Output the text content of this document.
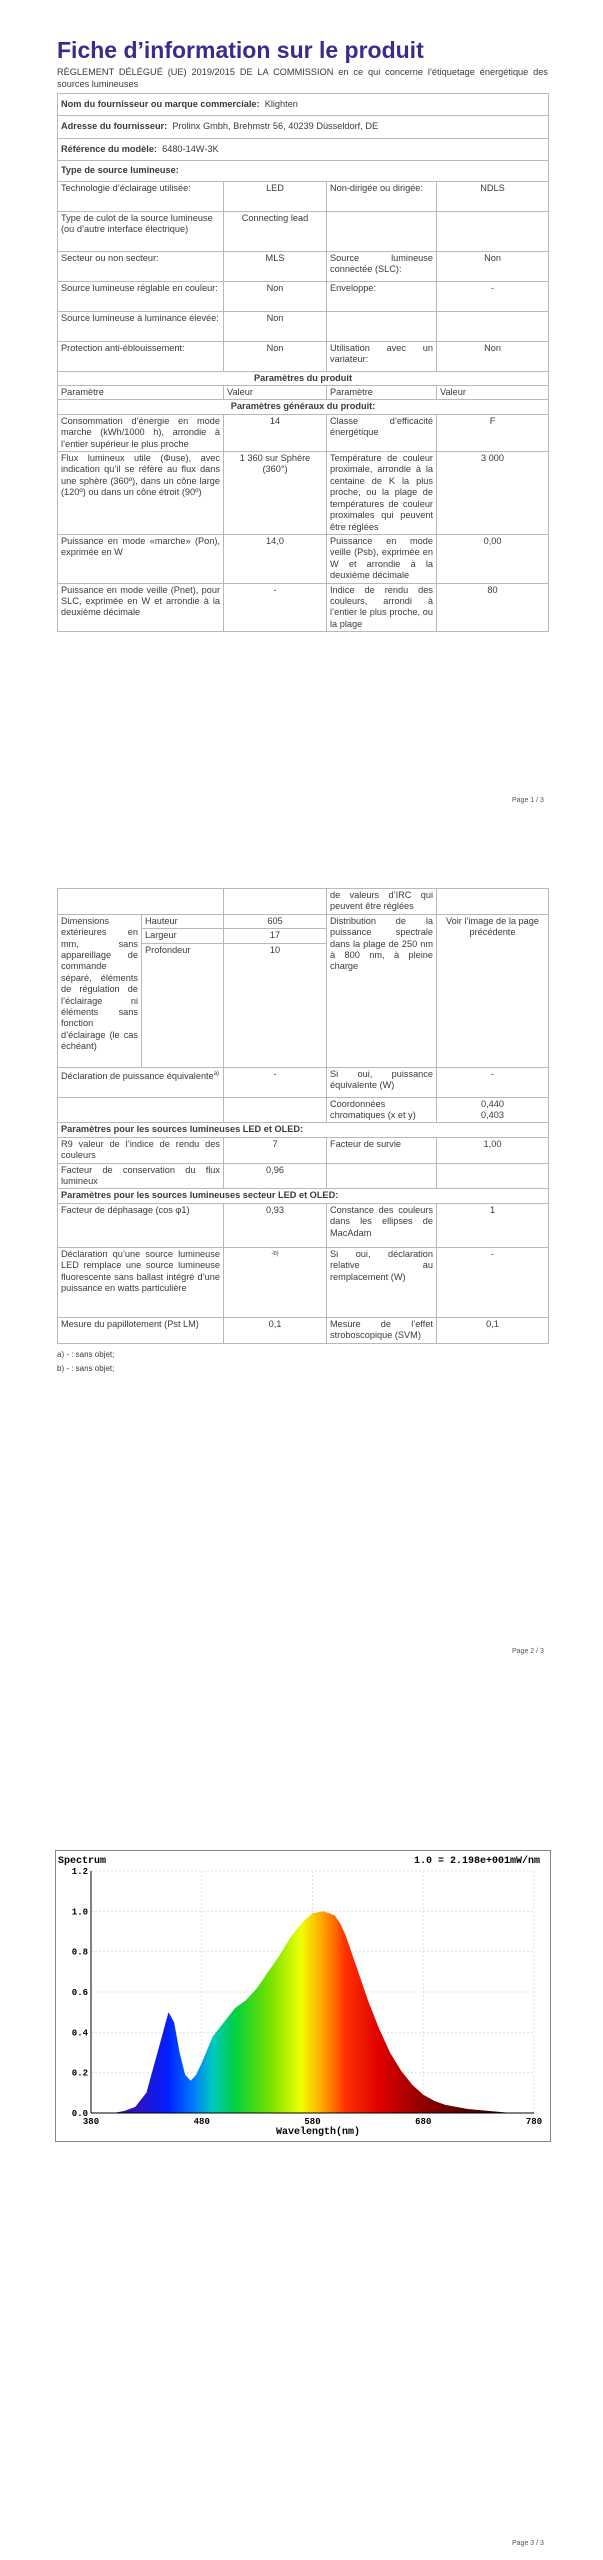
Fiche d’information sur le produit
RÈGLEMENT DÉLÉGUÉ (UE) 2019/2015 DE LA COMMISSION en ce qui concerne l’étiquetage énergétique des sources lumineuses
Nom du fournisseur ou marque commerciale: Klighten			
Adresse du fournisseur: Prolinx Gmbh, Brehmstr 56, 40239 Düsseldorf, DE			
Référence du modèle: 6480-14W-3K			
Type de source lumineuse:			
Technologie d’éclairage utilisée:	LED	Non-dirigée ou dirigée:	NDLS
Type de culot de la source lumineuse
(ou d’autre interface électrique)	Connecting lead		
Secteur ou non secteur:	MLS	Source lumineuse connectée (SLC):	Non
Source lumineuse réglable en couleur:	Non	Enveloppe:	-
Source lumineuse à luminance élevée:	Non		
Protection anti-éblouissement:	Non	Utilisation avec un variateur:	Non
Paramètres du produit			
Paramètre	Valeur	Paramètre	Valeur
Paramètres généraux du produit:			
Consommation d’énergie en mode marche (kWh/1000 h), arrondie à l’entier supérieur le plus proche	14	Classe d’efficacité énergétique	F
Flux lumineux utile (Φuse), avec indication qu’il se réfère au flux dans une sphère (360º), dans un cône large (120º) ou dans un cône étroit (90º)	1 360 sur Sphère (360°)	Température de couleur proximale, arrondie à la centaine de K la plus proche, ou la plage de températures de couleur proximales qui peuvent être réglées	3 000
Puissance en mode «marche» (Pon), exprimée en W	14,0	Puissance en mode veille (Psb), exprimée en W et arrondie à la deuxième décimale	0,00
Puissance en mode veille (Pnet), pour SLC, exprimée en W et arrondie à la deuxième décimale	-	Indice de rendu des couleurs, arrondi à l’entier le plus proche, ou la plage	80
Page 1 / 3
			de valeurs d’IRC qui peuvent être réglées	
Dimensions extérieures en mm, sans appareillage de commande séparé, éléments de régulation de l’éclairage ni éléments sans fonction d’éclairage (le cas échéant)	Hauteur	605	Distribution de la puissance spectrale dans la plage de 250 nm à 800 nm, à pleine charge	Voir l’image de la page précédente
	Largeur	17		
	Profondeur	10		
Déclaration de puissance équivalente$^{a)}$		-	Si oui, puissance équivalente (W)	-
			Coordonnées chromatiques (x et y)	0,440
0,403
Paramètres pour les sources lumineuses LED et OLED:				
R9 valeur de l’indice de rendu des couleurs		7	Facteur de survie	1,00
Facteur de conservation du flux lumineux		0,96		
Paramètres pour les sources lumineuses secteur LED et OLED:				
Facteur de déphasage (cos φ1)		0,93	Constance des couleurs dans les ellipses de MacAdam	1
Déclaration qu’une source lumineuse LED remplace une source lumineuse fluorescente sans ballast intégré d’une puissance en watts particulière		-b)	Si oui, déclaration relative au remplacement (W)	-
Mesure du papillotement (Pst LM)		0,1	Mesure de l’effet stroboscopique (SVM)	0,1
a) - : sans objet;
b) - : sans objet;
Page 2 / 3
Spectrum	1.0 = 2.198e+001mW/nm
Wavelength(nm)
0.0
0.2
0.4
0.6
0.8
1.0
1.2
380	480	580	680	780
Page 3 / 3
